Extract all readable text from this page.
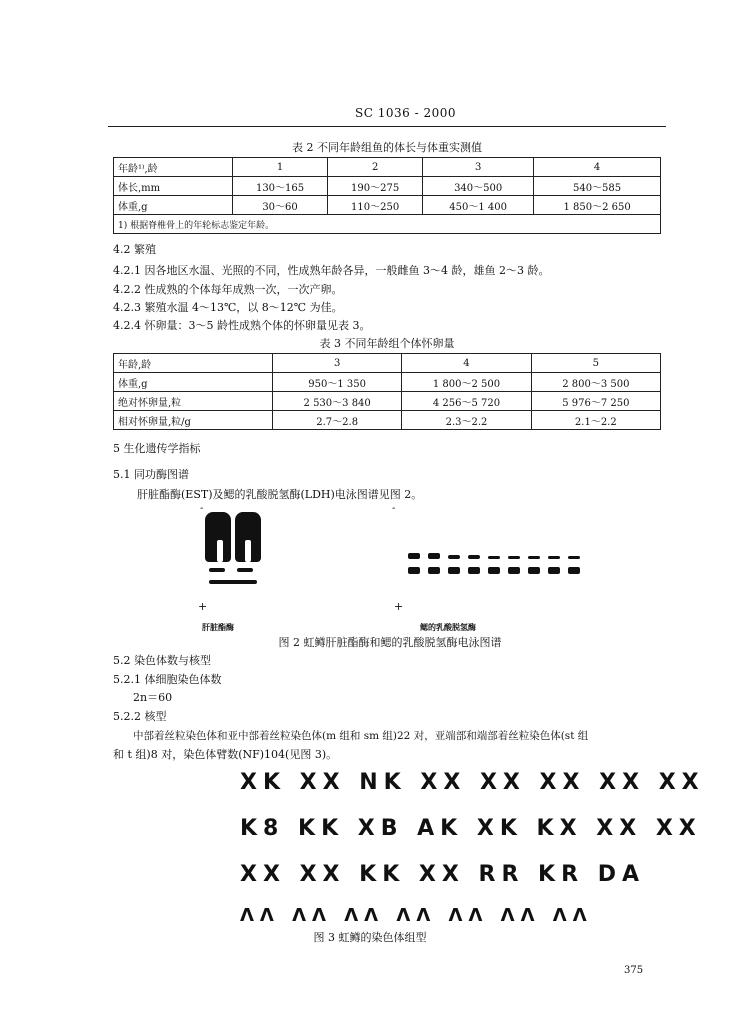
SC 1036 - 2000
表 2 不同年龄组鱼的体长与体重实测值
年龄¹⁾,龄	1	2	3	4
体长,mm	130～165	190～275	340～500	540～585
体重,g	30～60	110～250	450～1 400	1 850～2 650
1) 根据脊椎骨上的年轮标志鉴定年龄。				
4.2 繁殖
4.2.1 因各地区水温、光照的不同，性成熟年龄各异，一般雌鱼 3～4 龄，雄鱼 2～3 龄。
4.2.2 性成熟的个体每年成熟一次，一次产卵。
4.2.3 繁殖水温 4～13℃，以 8～12℃ 为佳。
4.2.4 怀卵量：3～5 龄性成熟个体的怀卵量见表 3。
表 3 不同年龄组个体怀卵量
年龄,龄	3	4	5
体重,g	950～1 350	1 800～2 500	2 800～3 500
绝对怀卵量,粒	2 530～3 840	4 256～5 720	5 976～7 250
相对怀卵量,粒/g	2.7～2.8	2.3～2.2	2.1～2.2
5 生化遗传学指标
5.1 同功酶图谱
肝脏酯酶(EST)及鳃的乳酸脱氢酶(LDH)电泳图谱见图 2。
-
+
肝脏酯酶
-
+
鳃的乳酸脱氢酶
图 2 虹鳟肝脏酯酶和鳃的乳酸脱氢酶电泳图谱
5.2 染色体数与核型
5.2.1 体细胞染色体数
2n＝60
5.2.2 核型
中部着丝粒染色体和亚中部着丝粒染色体(m 组和 sm 组)22 对，亚端部和端部着丝粒染色体(st 组
和 t 组)8 对，染色体臂数(NF)104(见图 3)。
XK XX NK XX XX XX XX XX
K8 KK XB AK XK KX XX XX
XX XX KK XX RR KR DA
ΛΛ ΛΛ ΛΛ ΛΛ ΛΛ ΛΛ ΛΛ
图 3 虹鳟的染色体组型
375
